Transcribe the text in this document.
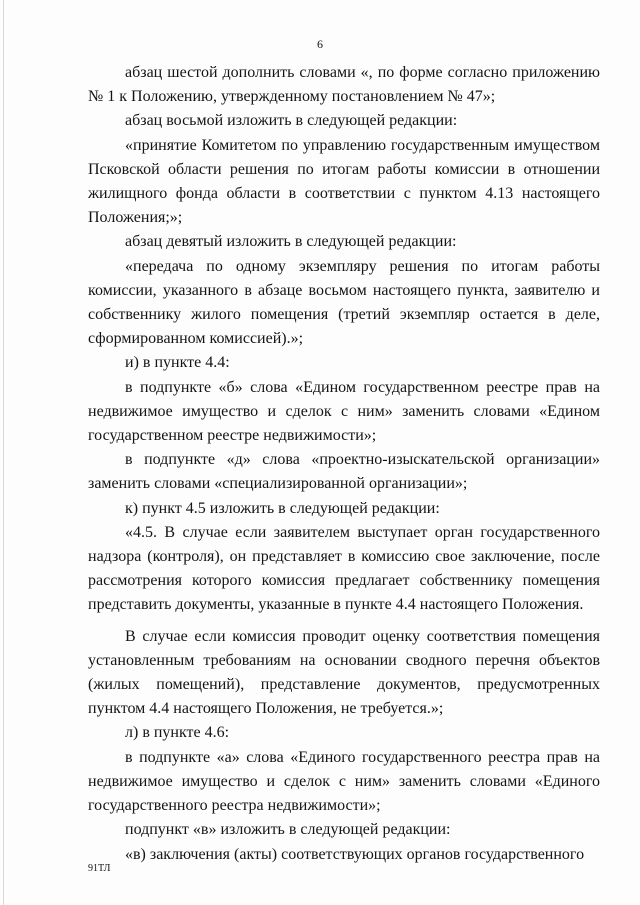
6

абзац шестой дополнить словами «, по форме согласно приложению № 1 к Положению, утвержденному постановлением № 47»;

абзац восьмой изложить в следующей редакции:

«принятие Комитетом по управлению государственным имуществом Псковской области решения по итогам работы комиссии в отношении жилищного фонда области в соответствии с пунктом 4.13 настоящего Положения;»;

абзац девятый изложить в следующей редакции:

«передача по одному экземпляру решения по итогам работы комиссии, указанного в абзаце восьмом настоящего пункта, заявителю и собственнику жилого помещения (третий экземпляр остается в деле, сформированном комиссией).»;

и) в пункте 4.4:

в подпункте «б» слова «Едином государственном реестре прав на недвижимое имущество и сделок с ним» заменить словами «Едином государственном реестре недвижимости»;

в подпункте «д» слова «проектно-изыскательской организации» заменить словами «специализированной организации»;

к) пункт 4.5 изложить в следующей редакции:

«4.5. В случае если заявителем выступает орган государственного надзора (контроля), он представляет в комиссию свое заключение, после рассмотрения которого комиссия предлагает собственнику помещения представить документы, указанные в пункте 4.4 настоящего Положения.

В случае если комиссия проводит оценку соответствия помещения установленным требованиям на основании сводного перечня объектов (жилых помещений), представление документов, предусмотренных пунктом 4.4 настоящего Положения, не требуется.»;

л) в пункте 4.6:

в подпункте «а» слова «Единого государственного реестра прав на недвижимое имущество и сделок с ним» заменить словами «Единого государственного реестра недвижимости»;

подпункт «в» изложить в следующей редакции:

«в) заключения (акты) соответствующих органов государственного

91ТЛ
